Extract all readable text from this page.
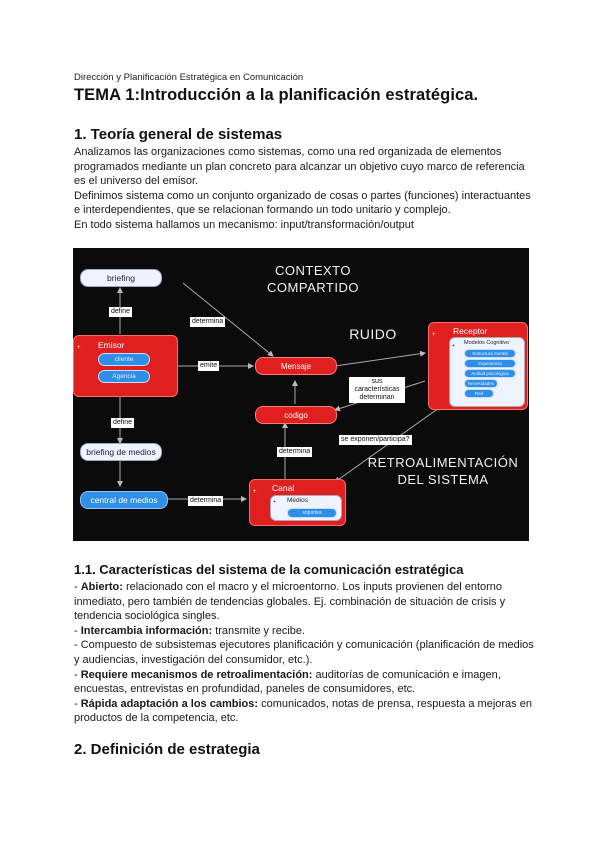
Dirección y Planificación Estratégica en Comunicación
TEMA 1:Introducción a la planificación estratégica.
1. Teoría general de sistemas

Analizamos las organizaciones como sistemas, como una red organizada de elementos programados mediante un plan concreto para alcanzar un objetivo cuyo marco de referencia es el universo del emisor.

Definimos sistema como un conjunto organizado de cosas o partes (funciones) interactuantes e interdependientes, que se relacionan formando un todo unitario y complejo.

En todo sistema hallamos un mecanismo: input/transformación/output

CONTEXTO
COMPARTIDO
RUIDO
RETROALIMENTACIÓN
DEL SISTEMA
briefing
define
determina
+ Emisor
cliente
Agencia
emite	Mensaje
+ Receptor
+ Modelos Cognitivo
Estructura mental
Experiencia
Actitud psicológica
Necesidades
Red
sus características determinan
codigo
define
se exponen/participa?
briefing de medios	determina
central de medios	determina
+ Canal
+ Medios
soportes
1.1. Características del sistema de la comunicación estratégica

- Abierto: relacionado con el macro y el microentorno. Los inputs provienen del entorno inmediato, pero también de tendencias globales. Ej. combinación de situación de crisis y tendencia sociológica singles.

- Intercambia información: transmite y recibe.

- Compuesto de subsistemas ejecutores planificación y comunicación (planificación de medios y audiencias, investigación del consumidor, etc.).

- Requiere mecanismos de retroalimentación: auditorías de comunicación e imagen, encuestas, entrevistas en profundidad, paneles de consumidores, etc.

- Rápida adaptación a los cambios: comunicados, notas de prensa, respuesta a mejoras en productos de la competencia, etc.

2. Definición de estrategia
